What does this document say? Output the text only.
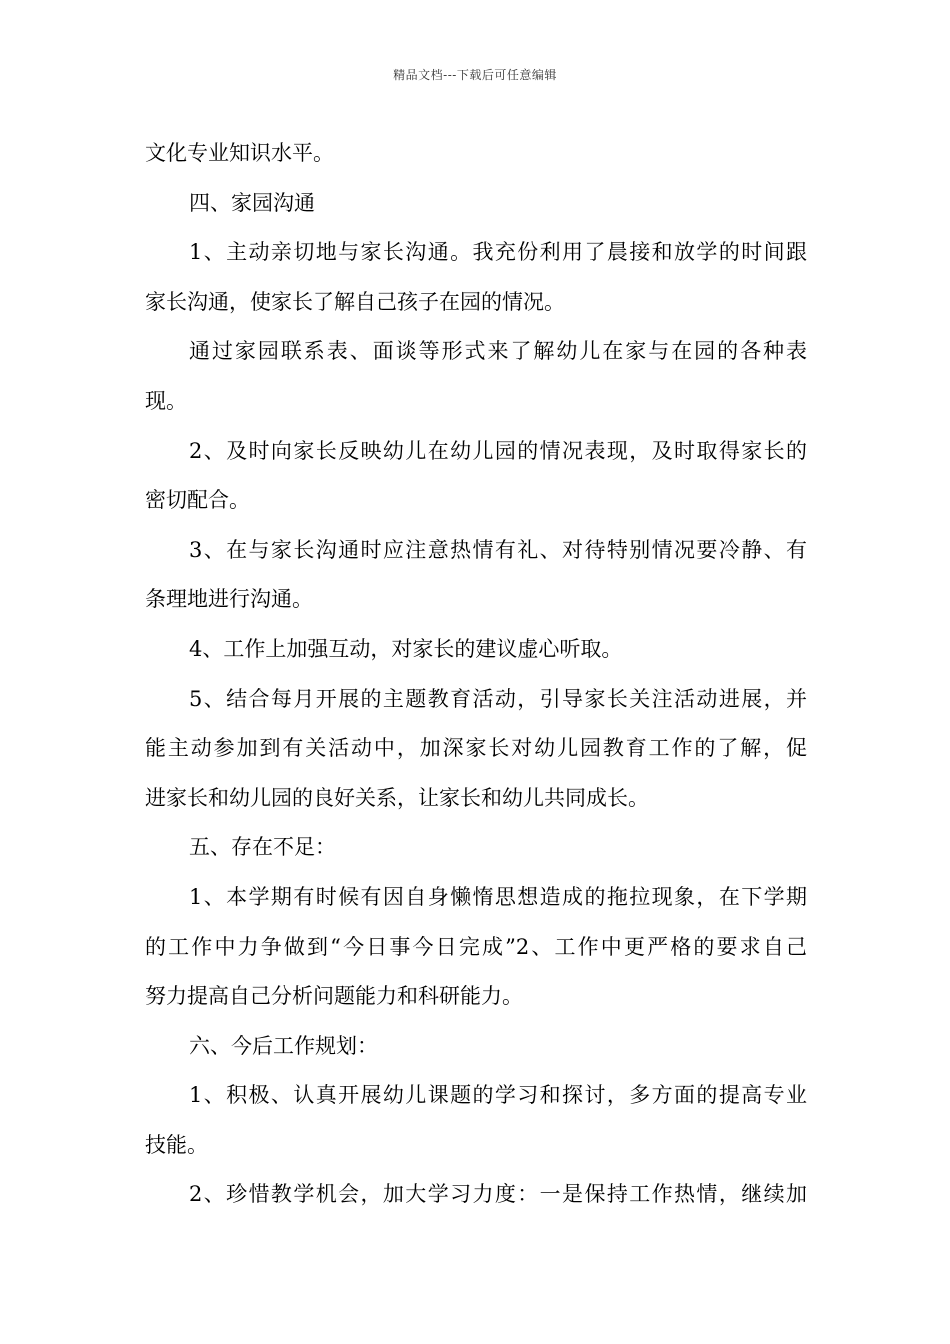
精品文档---下载后可任意编辑
文化专业知识水平。
四、家园沟通
1、主动亲切地与家长沟通。我充份利用了晨接和放学的时间跟
家长沟通，使家长了解自己孩子在园的情况。
通过家园联系表、面谈等形式来了解幼儿在家与在园的各种表
现。
2、及时向家长反映幼儿在幼儿园的情况表现，及时取得家长的
密切配合。
3、在与家长沟通时应注意热情有礼、对待特别情况要冷静、有
条理地进行沟通。
4、工作上加强互动，对家长的建议虚心听取。
5、结合每月开展的主题教育活动，引导家长关注活动进展，并
能主动参加到有关活动中，加深家长对幼儿园教育工作的了解，促
进家长和幼儿园的良好关系，让家长和幼儿共同成长。
五、存在不足：
1、本学期有时候有因自身懒惰思想造成的拖拉现象，在下学期
的工作中力争做到“今日事今日完成”2、工作中更严格的要求自己
努力提高自己分析问题能力和科研能力。
六、今后工作规划：
1、积极、认真开展幼儿课题的学习和探讨，多方面的提高专业
技能。
2、珍惜教学机会，加大学习力度：一是保持工作热情，继续加
